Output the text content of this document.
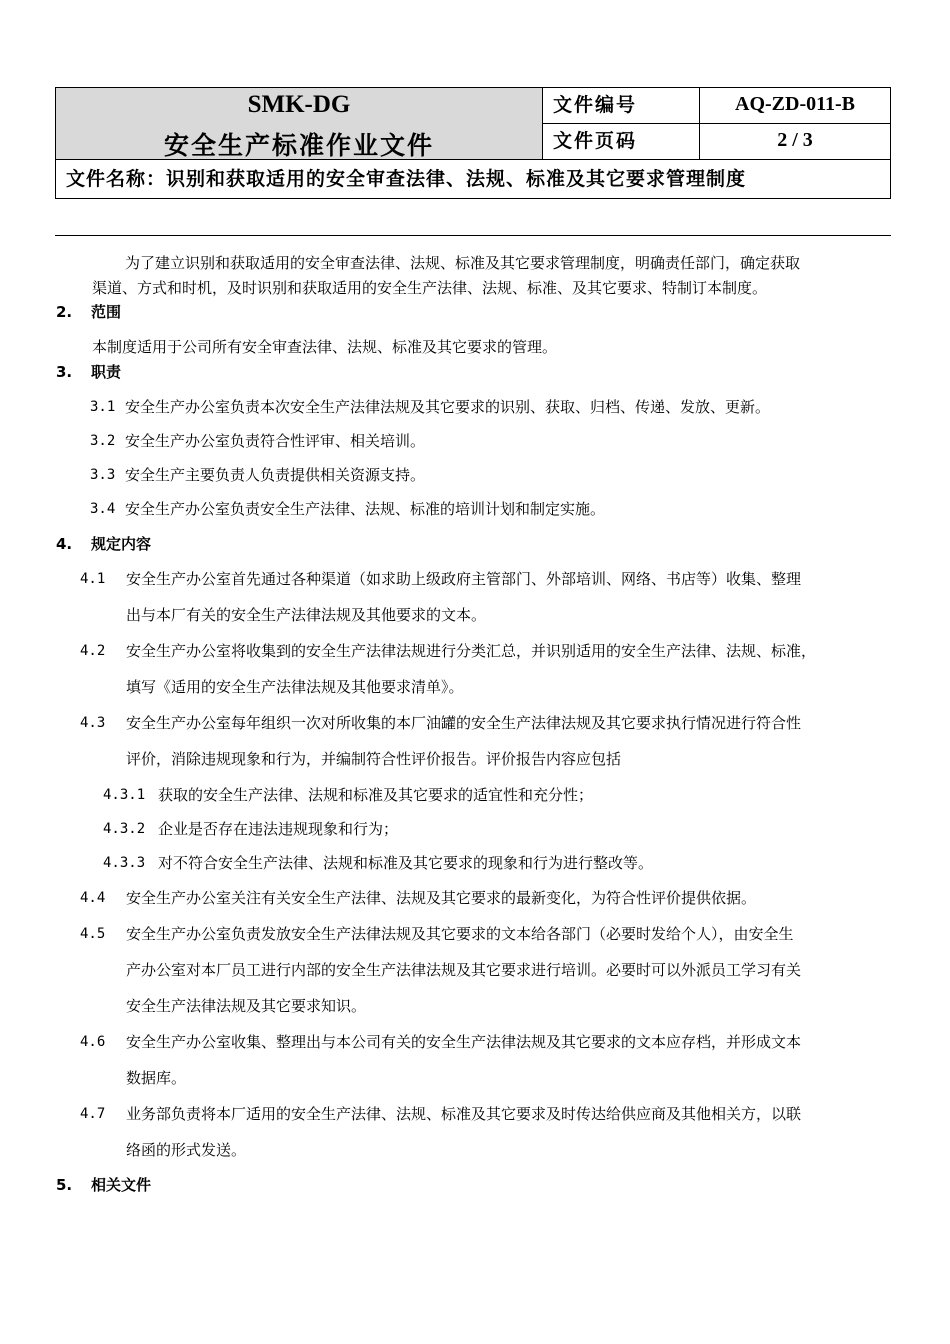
SMK-DG
安全生产标准作业文件
文件编号	AQ-ZD-011-B
文件页码	2 / 3
文件名称：识别和获取适用的安全审查法律、法规、标准及其它要求管理制度
为了建立识别和获取适用的安全审查法律、法规、标准及其它要求管理制度，明确责任部门，确定获取
渠道、方式和时机，及时识别和获取适用的安全生产法律、法规、标准、及其它要求、特制订本制度。
2. 范围
本制度适用于公司所有安全审查法律、法规、标准及其它要求的管理。
3. 职责
3.1 安全生产办公室负责本次安全生产法律法规及其它要求的识别、获取、归档、传递、发放、更新。
3.2 安全生产办公室负责符合性评审、相关培训。
3.3 安全生产主要负责人负责提供相关资源支持。
3.4 安全生产办公室负责安全生产法律、法规、标准的培训计划和制定实施。
4. 规定内容
4.1 安全生产办公室首先通过各种渠道（如求助上级政府主管部门、外部培训、网络、书店等）收集、整理
出与本厂有关的安全生产法律法规及其他要求的文本。
4.2 安全生产办公室将收集到的安全生产法律法规进行分类汇总，并识别适用的安全生产法律、法规、标准，
填写《适用的安全生产法律法规及其他要求清单》。
4.3 安全生产办公室每年组织一次对所收集的本厂油罐的安全生产法律法规及其它要求执行情况进行符合性
评价，消除违规现象和行为，并编制符合性评价报告。评价报告内容应包括
4.3.1 获取的安全生产法律、法规和标准及其它要求的适宜性和充分性；
4.3.2 企业是否存在违法违规现象和行为；
4.3.3 对不符合安全生产法律、法规和标准及其它要求的现象和行为进行整改等。
4.4 安全生产办公室关注有关安全生产法律、法规及其它要求的最新变化，为符合性评价提供依据。
4.5 安全生产办公室负责发放安全生产法律法规及其它要求的文本给各部门（必要时发给个人），由安全生
产办公室对本厂员工进行内部的安全生产法律法规及其它要求进行培训。必要时可以外派员工学习有关
安全生产法律法规及其它要求知识。
4.6 安全生产办公室收集、整理出与本公司有关的安全生产法律法规及其它要求的文本应存档，并形成文本
数据库。
4.7 业务部负责将本厂适用的安全生产法律、法规、标准及其它要求及时传达给供应商及其他相关方，以联
络函的形式发送。
5. 相关文件
